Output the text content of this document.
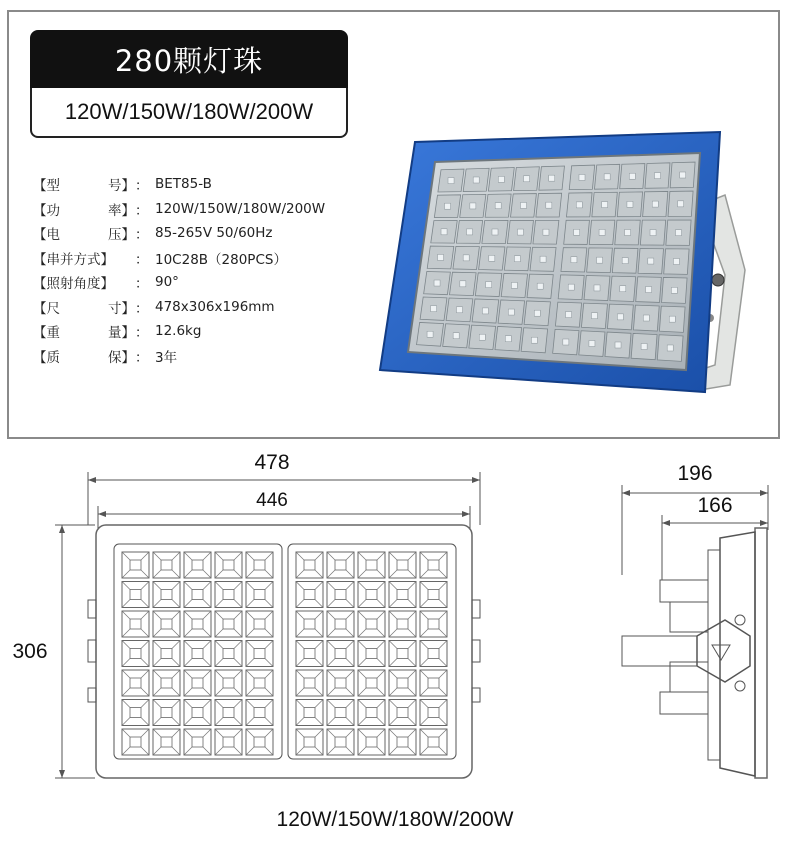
280颗灯珠
120W/150W/180W/200W
【型	号】 ： BET85-B
【功	率】 ： 120W/150W/180W/200W
【电	压】 ： 85-265V 50/60Hz
【串并方式】 ： 10C28B（280PCS）
【照射角度】 ： 90°
【尺	寸】 ： 478x306x196mm
【重	量】 ： 12.6kg
【质	保】 ： 3年
478
446
306
196
166
120W/150W/180W/200W
